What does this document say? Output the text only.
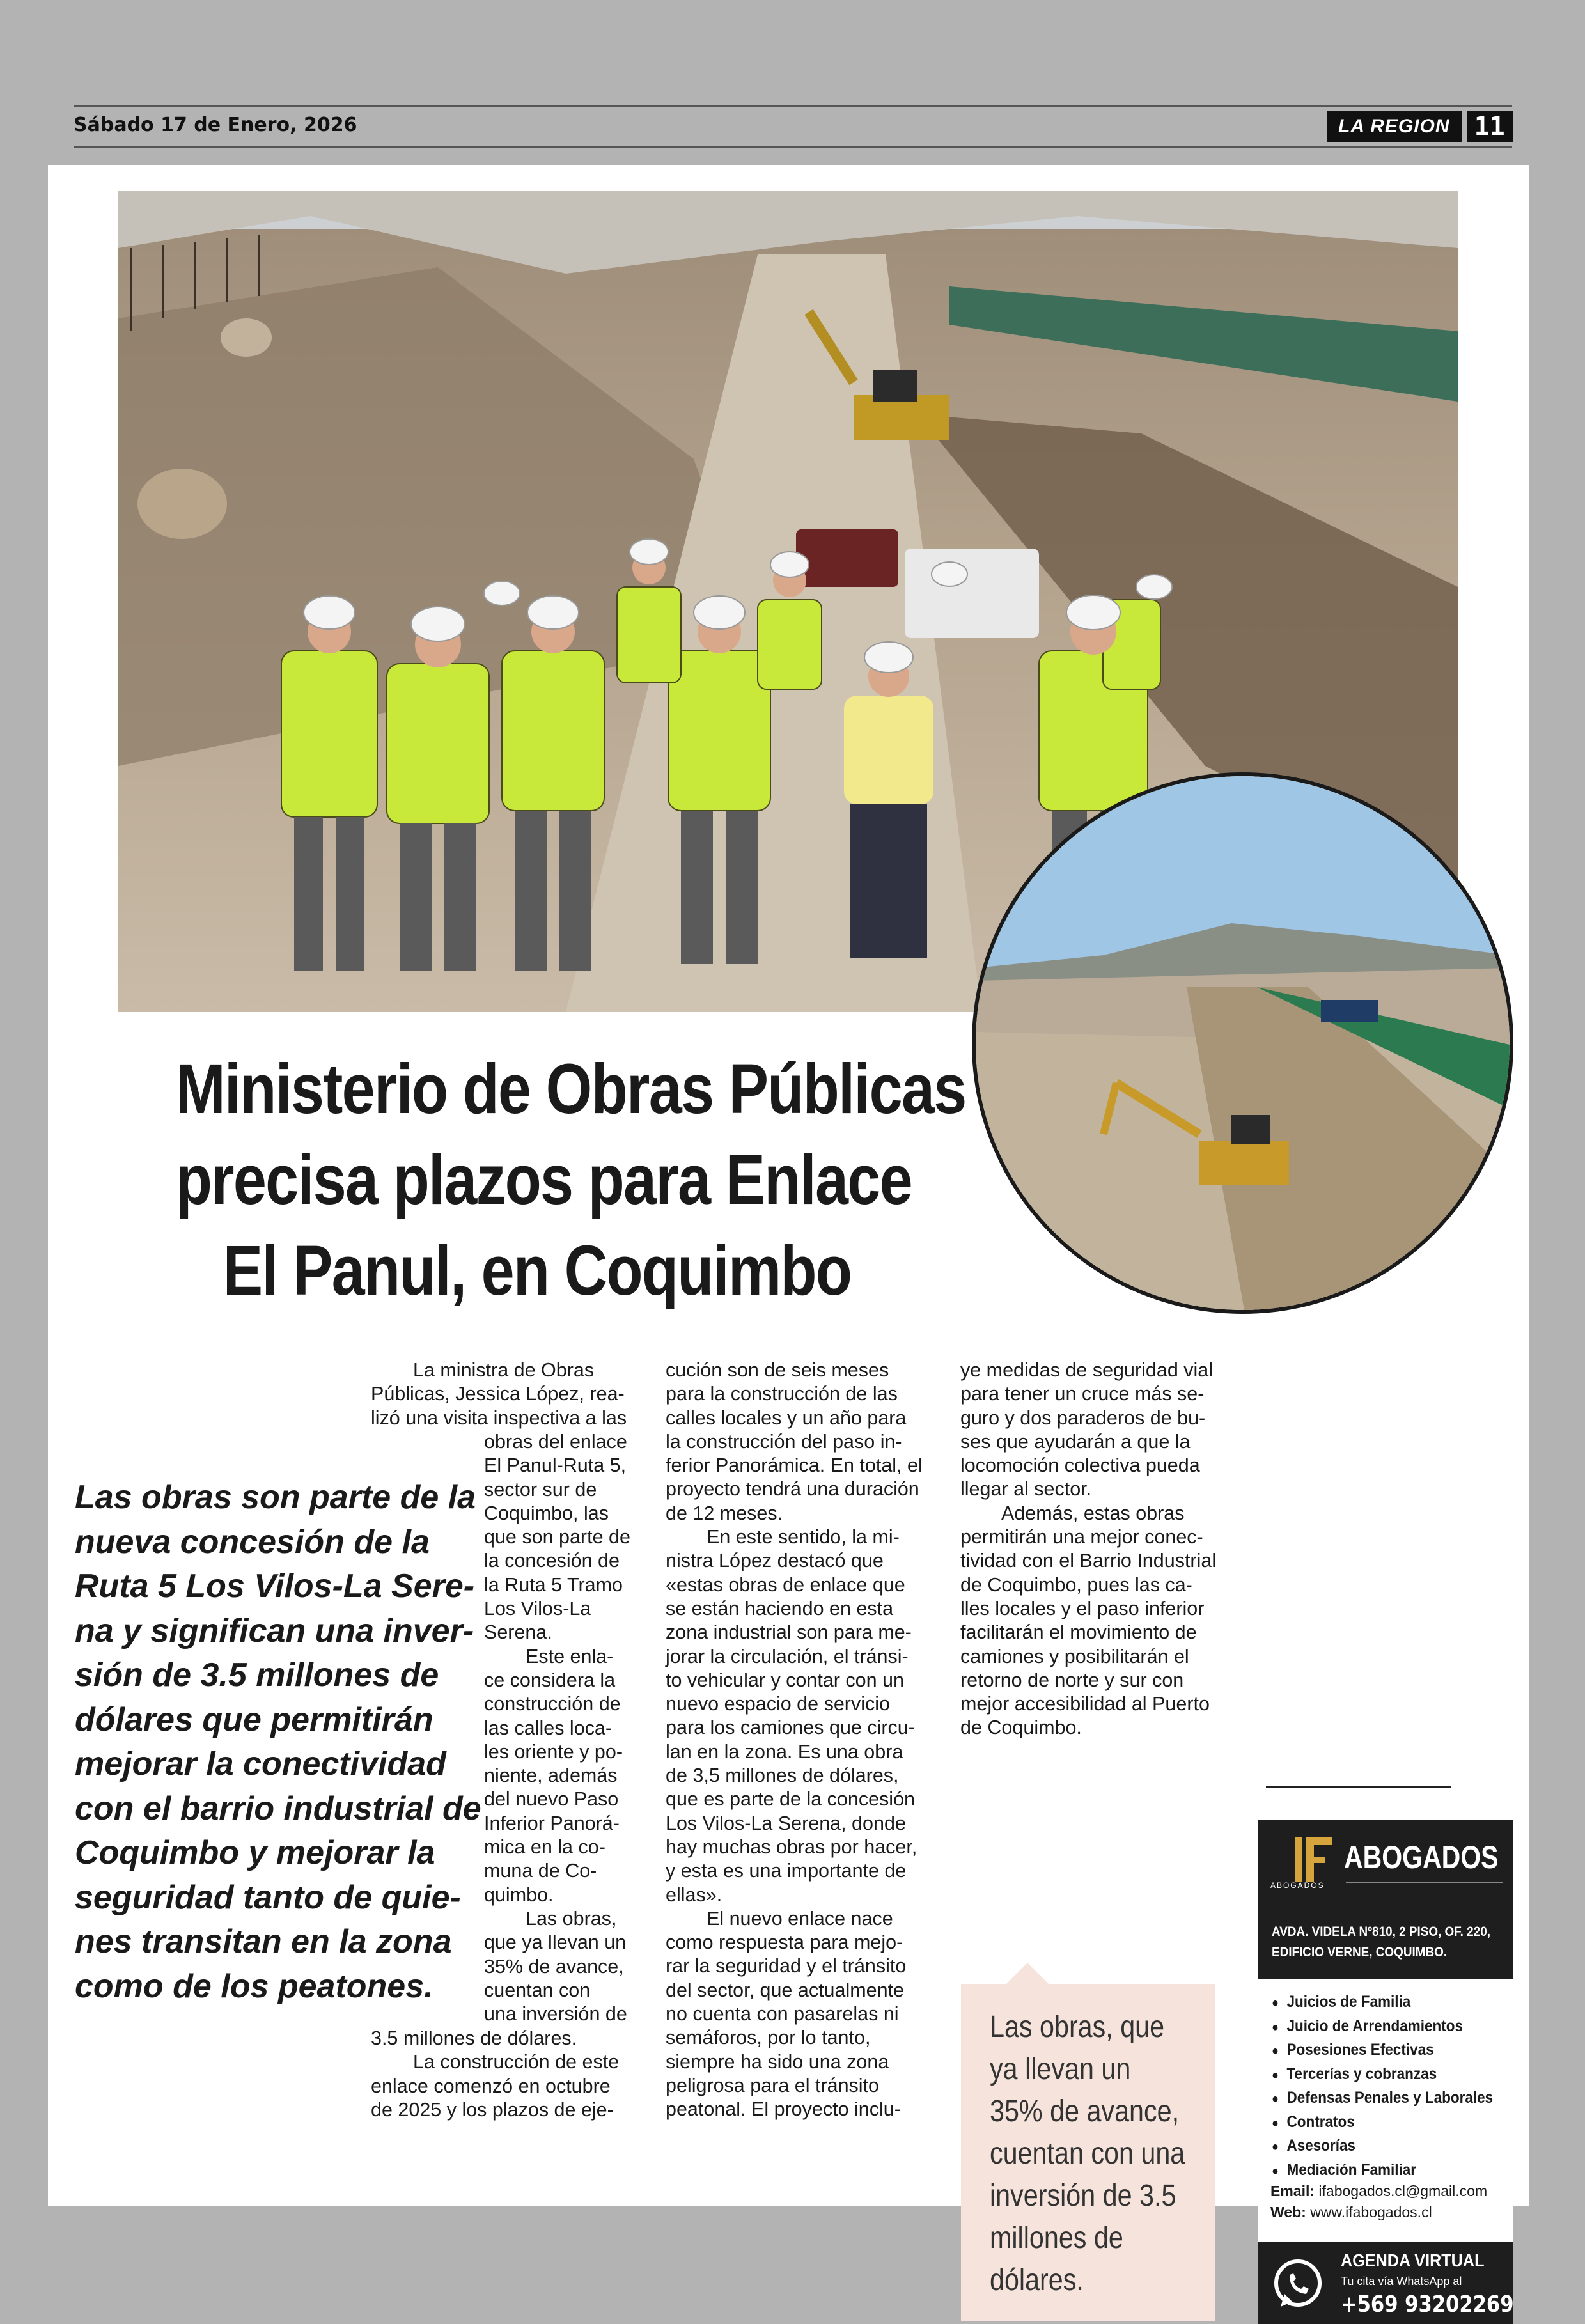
Sábado 17 de Enero, 2026	LA REGION 11
Ministerio de Obras Públicas
precisa plazos para Enlace
El Panul, en Coquimbo
Las obras son parte de la
nueva concesión de la
Ruta 5 Los Vilos-La Sere-
na y significan una inver-
sión de 3.5 millones de
dólares que permitirán
mejorar la conectividad
con el barrio industrial de
Coquimbo y mejorar la
seguridad tanto de quie-
nes transitan en la zona
como de los peatones.
La ministra de Obras
Públicas, Jessica López, rea-
lizó una visita inspectiva a las
obras del enlace
El Panul-Ruta 5,
sector sur de
Coquimbo, las
que son parte de
la concesión de
la Ruta 5 Tramo
Los Vilos-La
Serena.
Este enla-
ce considera la
construcción de
las calles loca-
les oriente y po-
niente, además
del nuevo Paso
Inferior Panorá-
mica en la co-
muna de Co-
quimbo.
Las obras,
que ya llevan un
35% de avance,
cuentan con
una inversión de
3.5 millones de dólares.
La construcción de este
enlace comenzó en octubre
de 2025 y los plazos de eje-
cución son de seis meses
para la construcción de las
calles locales y un año para
la construcción del paso in-
ferior Panorámica. En total, el
proyecto tendrá una duración
de 12 meses.
En este sentido, la mi-
nistra López destacó que
«estas obras de enlace que
se están haciendo en esta
zona industrial son para me-
jorar la circulación, el tránsi-
to vehicular y contar con un
nuevo espacio de servicio
para los camiones que circu-
lan en la zona. Es una obra
de 3,5 millones de dólares,
que es parte de la concesión
Los Vilos-La Serena, donde
hay muchas obras por hacer,
y esta es una importante de
ellas».
El nuevo enlace nace
como respuesta para mejo-
rar la seguridad y el tránsito
del sector, que actualmente
no cuenta con pasarelas ni
semáforos, por lo tanto,
siempre ha sido una zona
peligrosa para el tránsito
peatonal. El proyecto inclu-
ye medidas de seguridad vial
para tener un cruce más se-
guro y dos paraderos de bu-
ses que ayudarán a que la
locomoción colectiva pueda
llegar al sector.
Además, estas obras
permitirán una mejor conec-
tividad con el Barrio Industrial
de Coquimbo, pues las ca-
lles locales y el paso inferior
facilitarán el movimiento de
camiones y posibilitarán el
retorno de norte y sur con
mejor accesibilidad al Puerto
de Coquimbo.
Las obras, que
ya llevan un
35% de avance,
cuentan con una
inversión de 3.5
millones de
dólares.
ABOGADOS
ABOGADOS
AVDA. VIDELA Nº810, 2 PISO, OF. 220,
EDIFICIO VERNE, COQUIMBO.
● Juicios de Familia
● Juicio de Arrendamientos
● Posesiones Efectivas
● Tercerías y cobranzas
● Defensas Penales y Laborales
● Contratos
● Asesorías
● Mediación Familiar
Email: ifabogados.cl@gmail.com
Web: www.ifabogados.cl
AGENDA VIRTUAL
Tu cita vía WhatsApp al
+569 93202269
